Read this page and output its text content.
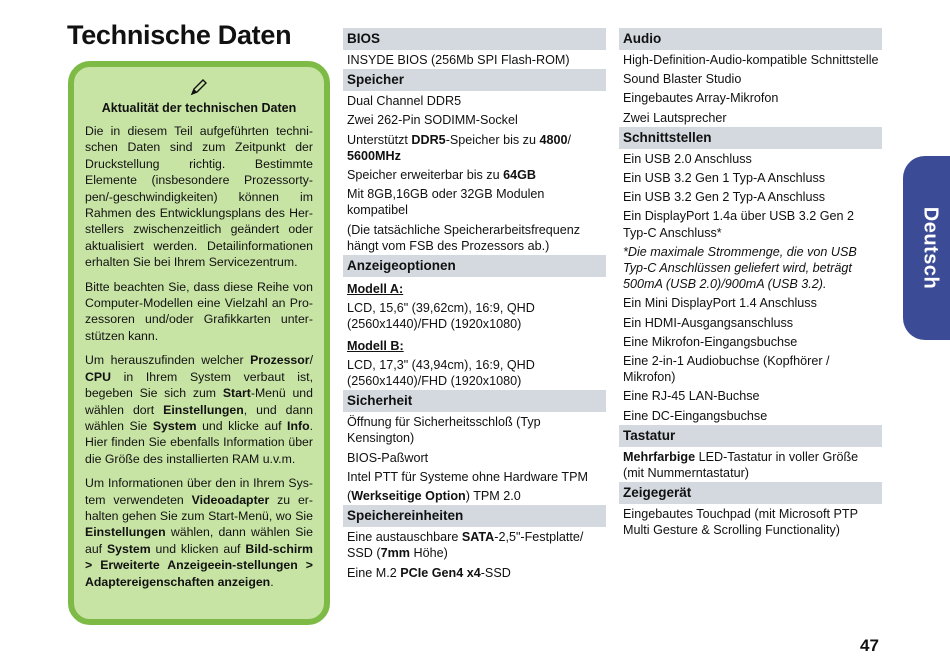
Technische Daten
Aktualität der technischen Daten

Die in diesem Teil aufgeführten techni-schen Daten sind zum Zeitpunkt der Druckstellung richtig. Bestimmte Elemente (insbesondere Prozessorty-pen/-geschwindigkeiten) können im Rahmen des Entwicklungsplans des Her-stellers zwischenzeitlich geändert oder aktualisiert werden. Detailinformationen erhalten Sie bei Ihrem Servicezentrum.

Bitte beachten Sie, dass diese Reihe von Computer-Modellen eine Vielzahl an Pro-zessoren und/oder Grafikkarten unter-stützen kann.

Um herauszufinden welcher Prozessor/ CPU in Ihrem System verbaut ist, begeben Sie sich zum Start-Menü und wählen dort Einstellungen, und dann wählen Sie System und klicke auf Info. Hier finden Sie ebenfalls Information über die Größe des installierten RAM u.v.m.

Um Informationen über den in Ihrem Sys-tem verwendeten Videoadapter zu er-halten gehen Sie zum Start-Menü, wo Sie Einstellungen wählen, dann wählen Sie auf System und klicken auf Bild-schirm > Erweiterte Anzeigeein-stellungen > Adaptereigenschaften anzeigen.

BIOS
INSYDE BIOS (256Mb SPI Flash-ROM)
Speicher
Dual Channel DDR5
Zwei 262-Pin SODIMM-Sockel
Unterstützt DDR5-Speicher bis zu 4800/ 5600MHz
Speicher erweiterbar bis zu 64GB
Mit 8GB,16GB oder 32GB Modulen kompatibel
(Die tatsächliche Speicherarbeitsfrequenz hängt vom FSB des Prozessors ab.)
Anzeigeoptionen
Modell A:
LCD, 15,6" (39,62cm), 16:9, QHD (2560x1440)/FHD (1920x1080)
Modell B:
LCD, 17,3" (43,94cm), 16:9, QHD (2560x1440)/FHD (1920x1080)
Sicherheit
Öffnung für Sicherheitsschloß (Typ Kensington)
BIOS-Paßwort
Intel PTT für Systeme ohne Hardware TPM
(Werkseitige Option) TPM 2.0
Speichereinheiten
Eine austauschbare SATA-2,5"-Festplatte/ SSD (7mm Höhe)
Eine M.2 PCIe Gen4 x4-SSD
Audio
High-Definition-Audio-kompatible Schnittstelle
Sound Blaster Studio
Eingebautes Array-Mikrofon
Zwei Lautsprecher
Schnittstellen
Ein USB 2.0 Anschluss
Ein USB 3.2 Gen 1 Typ-A Anschluss
Ein USB 3.2 Gen 2 Typ-A Anschluss
Ein DisplayPort 1.4a über USB 3.2 Gen 2 Typ-C Anschluss*
*Die maximale Strommenge, die von USB Typ-C Anschlüssen geliefert wird, beträgt 500mA (USB 2.0)/900mA (USB 3.2).
Ein Mini DisplayPort 1.4 Anschluss
Ein HDMI-Ausgangsanschluss
Eine Mikrofon-Eingangsbuchse
Eine 2-in-1 Audiobuchse (Kopfhörer / Mikrofon)
Eine RJ-45 LAN-Buchse
Eine DC-Eingangsbuchse
Tastatur
Mehrfarbige LED-Tastatur in voller Größe (mit Nummerntastatur)
Zeigegerät
Eingebautes Touchpad (mit Microsoft PTP Multi Gesture & Scrolling Functionality)
Deutsch
47
